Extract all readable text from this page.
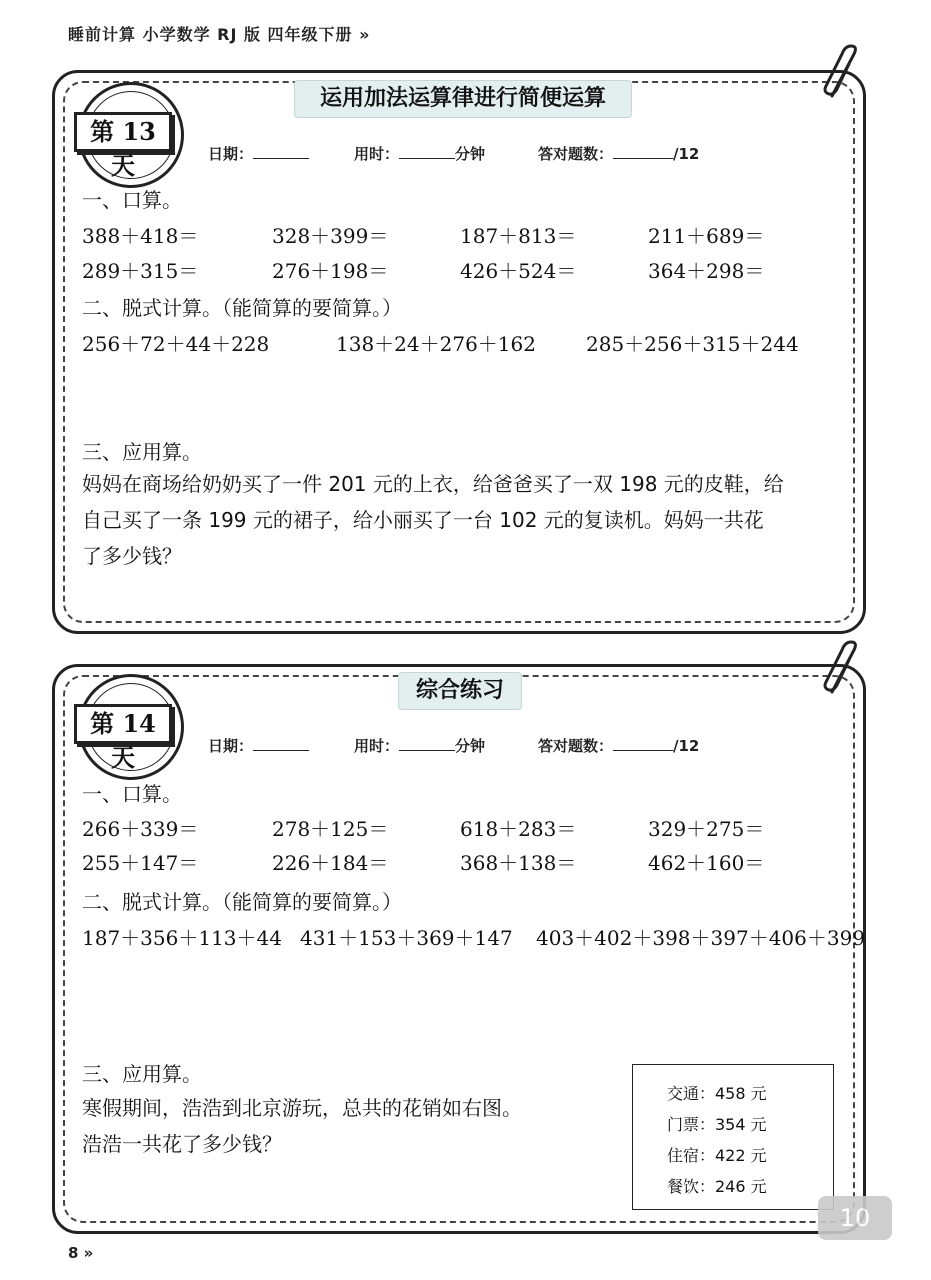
睡前计算 小学数学 RJ 版 四年级下册 »
运用加法运算律进行简便运算
第 13 天	日期：	用时：	分钟	答对题数：	/12
一、口算。
388＋418＝	328＋399＝	187＋813＝	211＋689＝
289＋315＝	276＋198＝	426＋524＝	364＋298＝
二、脱式计算。（能简算的要简算。）
256＋72＋44＋228	138＋24＋276＋162	285＋256＋315＋244
三、应用算。
妈妈在商场给奶奶买了一件 201 元的上衣，给爸爸买了一双 198 元的皮鞋，给
自己买了一条 199 元的裙子，给小丽买了一台 102 元的复读机。妈妈一共花
了多少钱？
综合练习
第 14 天	日期：	用时：	分钟	答对题数：	/12
一、口算。
266＋339＝	278＋125＝	618＋283＝	329＋275＝
255＋147＝	226＋184＝	368＋138＝	462＋160＝
二、脱式计算。（能简算的要简算。）
187＋356＋113＋44 431＋153＋369＋147 403＋402＋398＋397＋406＋399
三、应用算。
寒假期间，浩浩到北京游玩，总共的花销如右图。
浩浩一共花了多少钱？
交通：458 元
门票：354 元
住宿：422 元
餐饮：246 元
8 »
10
